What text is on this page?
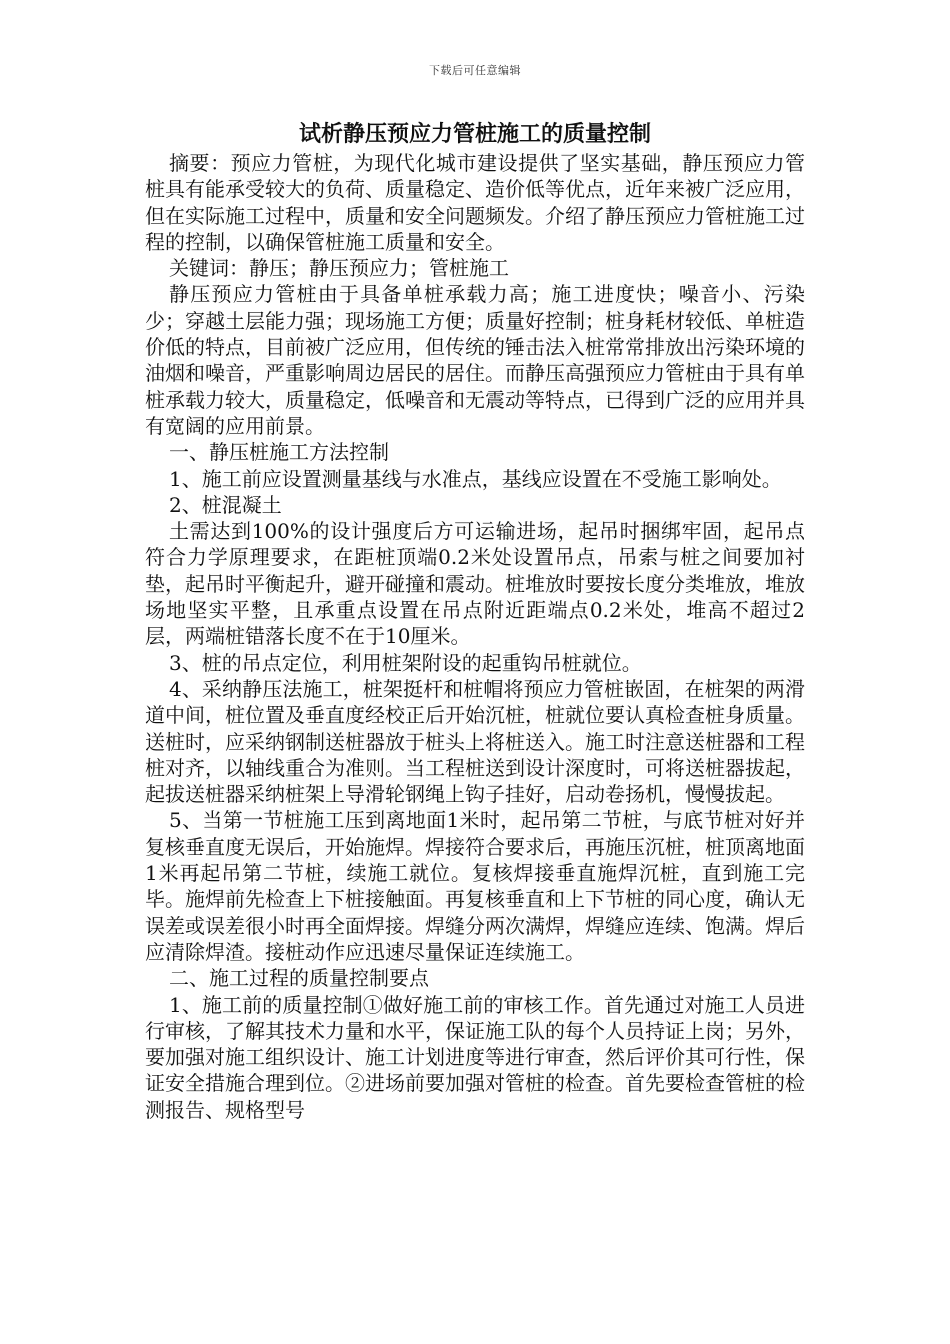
下载后可任意编辑
试析静压预应力管桩施工的质量控制

摘要：预应力管桩，为现代化城市建设提供了坚实基础，静压预应力管桩具有能承受较大的负荷、质量稳定、造价低等优点，近年来被广泛应用，但在实际施工过程中，质量和安全问题频发。介绍了静压预应力管桩施工过程的控制，以确保管桩施工质量和安全。

关键词：静压；静压预应力；管桩施工

静压预应力管桩由于具备单桩承载力高；施工进度快；噪音小、污染少；穿越土层能力强；现场施工方便；质量好控制；桩身耗材较低、单桩造价低的特点，目前被广泛应用，但传统的锤击法入桩常常排放出污染环境的油烟和噪音，严重影响周边居民的居住。而静压高强预应力管桩由于具有单桩承载力较大，质量稳定，低噪音和无震动等特点，已得到广泛的应用并具有宽阔的应用前景。

一、静压桩施工方法控制

1、施工前应设置测量基线与水准点，基线应设置在不受施工影响处。

2、桩混凝土

土需达到100%的设计强度后方可运输进场，起吊时捆绑牢固，起吊点符合力学原理要求，在距桩顶端0.2米处设置吊点，吊索与桩之间要加衬垫，起吊时平衡起升，避开碰撞和震动。桩堆放时要按长度分类堆放，堆放场地坚实平整，且承重点设置在吊点附近距端点0.2米处，堆高不超过2层，两端桩错落长度不在于10厘米。

3、桩的吊点定位，利用桩架附设的起重钩吊桩就位。

4、采纳静压法施工，桩架挺杆和桩帽将预应力管桩嵌固，在桩架的两滑道中间，桩位置及垂直度经校正后开始沉桩，桩就位要认真检查桩身质量。送桩时，应采纳钢制送桩器放于桩头上将桩送入。施工时注意送桩器和工程桩对齐，以轴线重合为准则。当工程桩送到设计深度时，可将送桩器拔起，起拔送桩器采纳桩架上导滑轮钢绳上钩子挂好，启动卷扬机，慢慢拔起。

5、当第一节桩施工压到离地面1米时，起吊第二节桩，与底节桩对好并复核垂直度无误后，开始施焊。焊接符合要求后，再施压沉桩，桩顶离地面1米再起吊第二节桩，续施工就位。复核焊接垂直施焊沉桩，直到施工完毕。施焊前先检查上下桩接触面。再复核垂直和上下节桩的同心度，确认无误差或误差很小时再全面焊接。焊缝分两次满焊，焊缝应连续、饱满。焊后应清除焊渣。接桩动作应迅速尽量保证连续施工。

二、施工过程的质量控制要点

1、施工前的质量控制①做好施工前的审核工作。首先通过对施工人员进行审核，了解其技术力量和水平，保证施工队的每个人员持证上岗；另外，要加强对施工组织设计、施工计划进度等进行审查，然后评价其可行性，保证安全措施合理到位。②进场前要加强对管桩的检查。首先要检查管桩的检测报告、规格型号
